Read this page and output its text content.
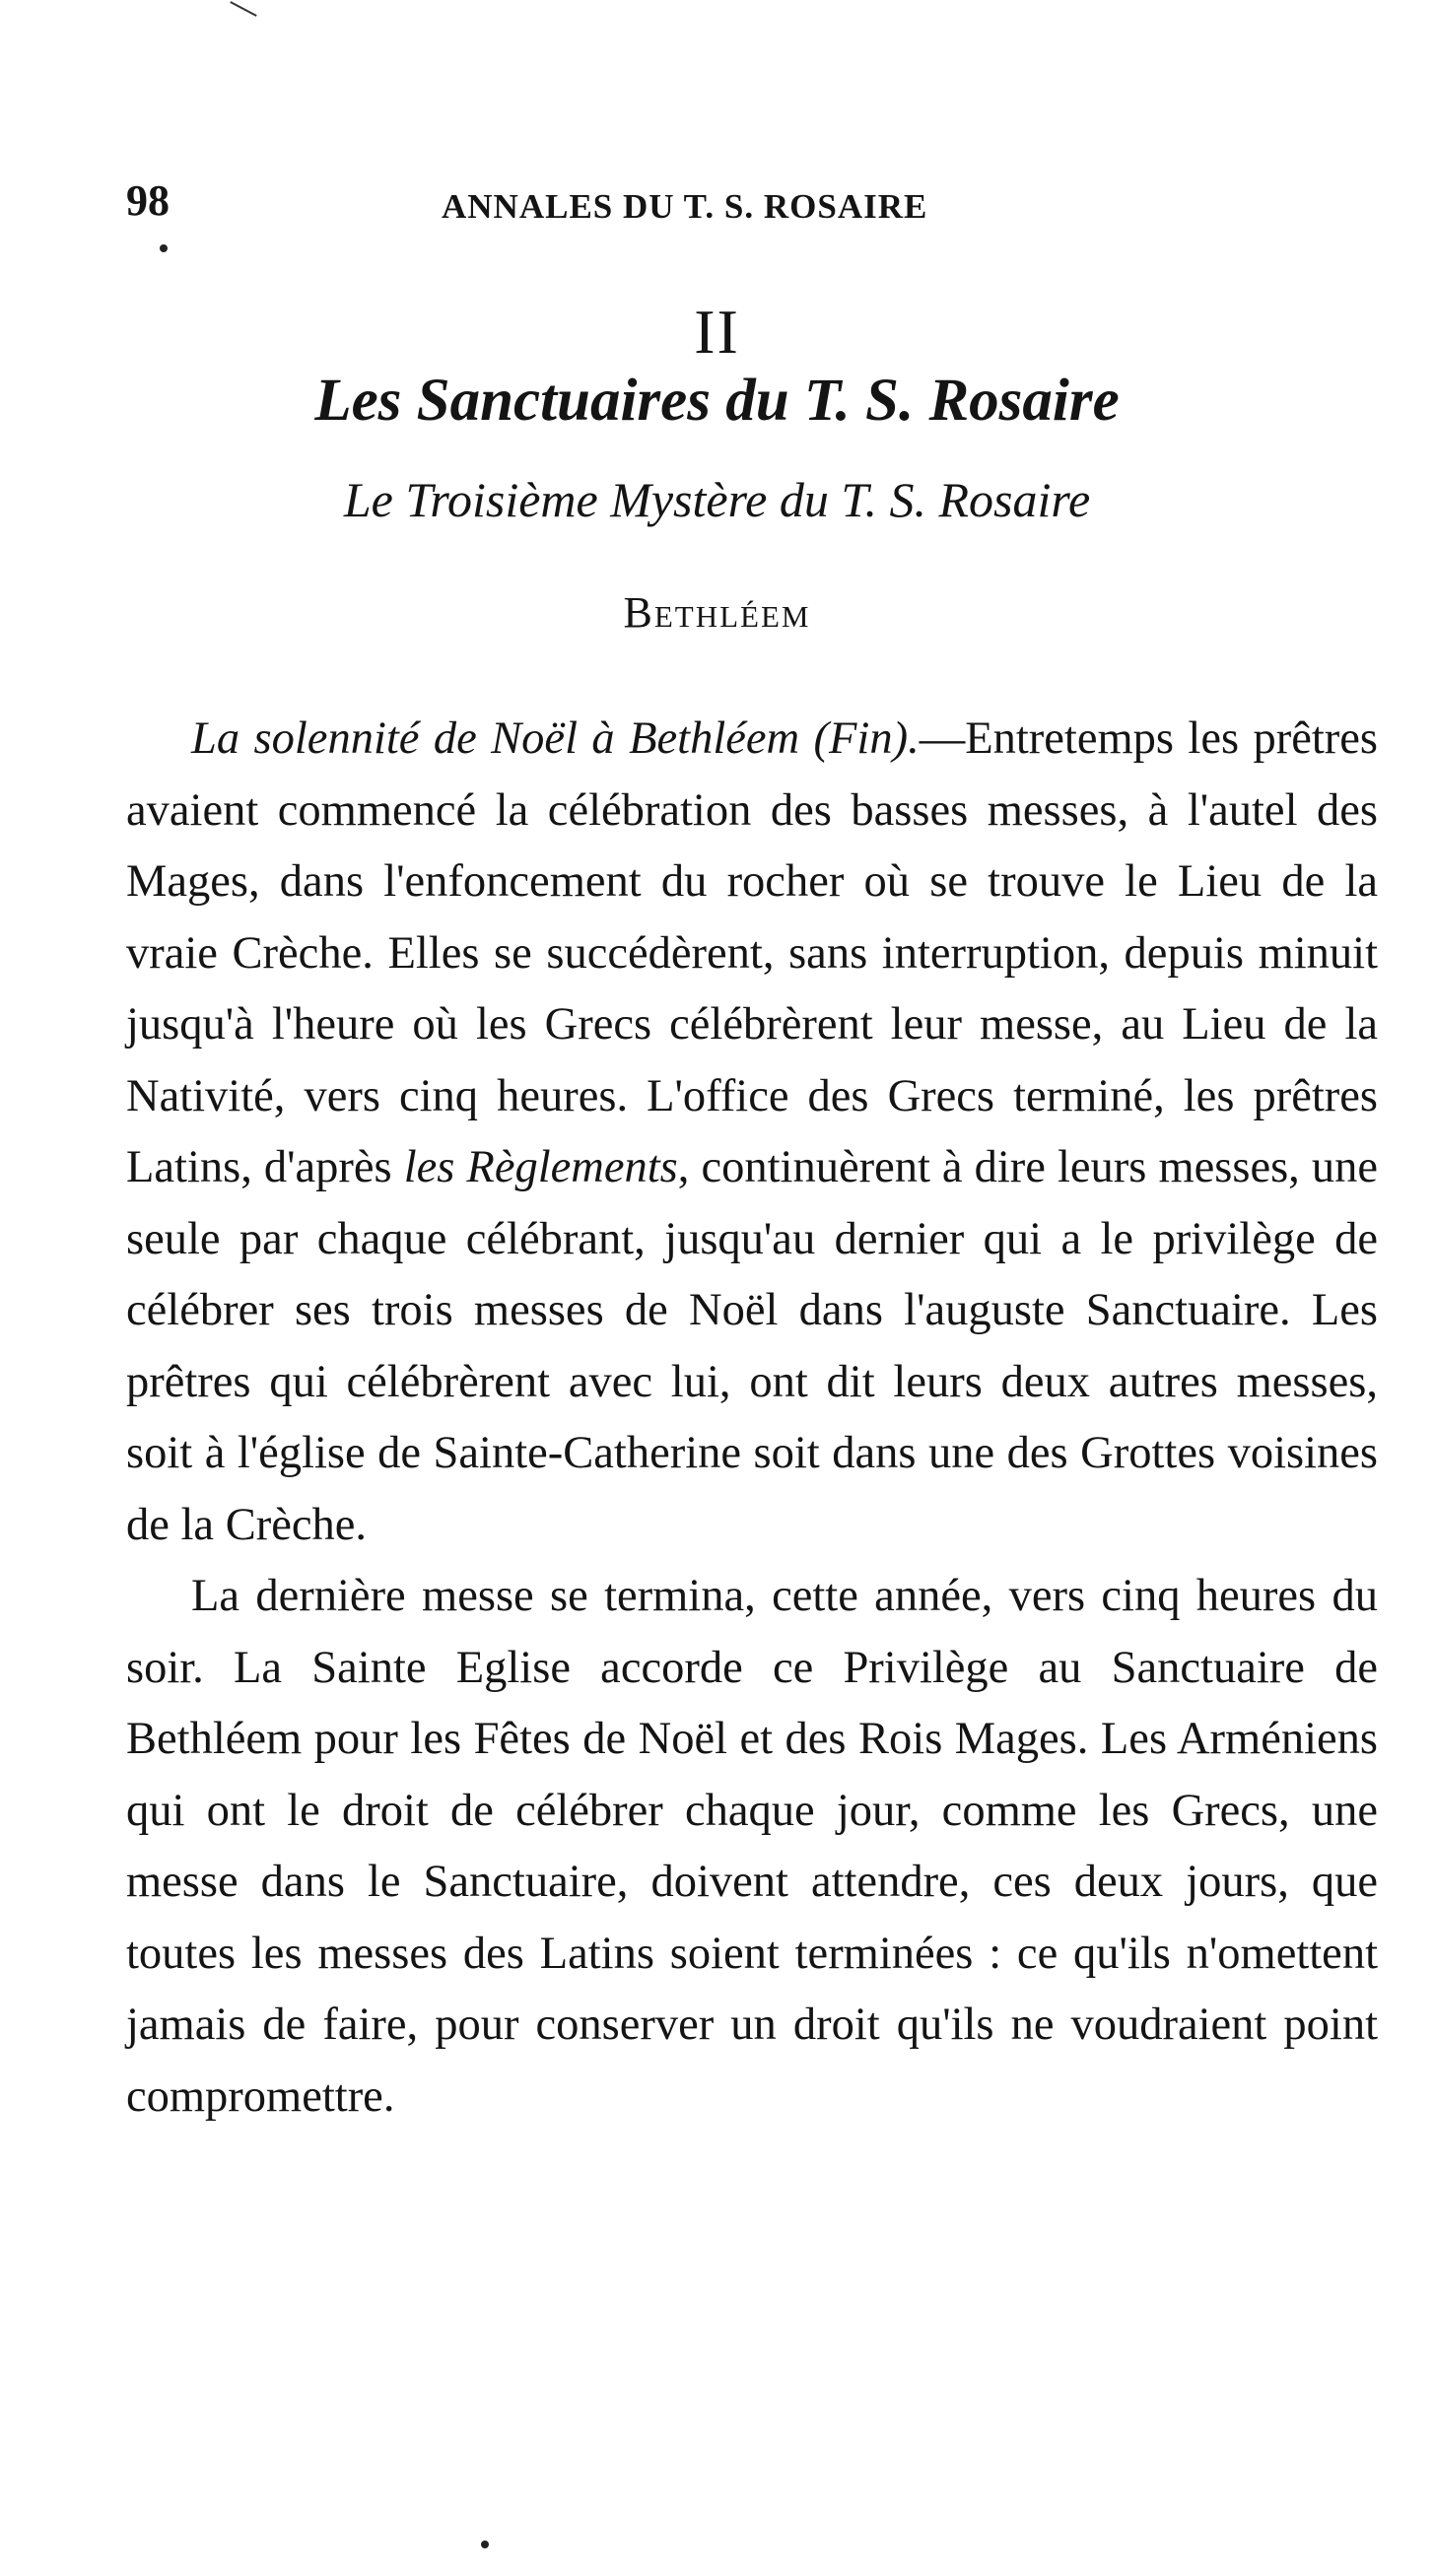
98	ANNALES DU T. S. ROSAIRE
II
Les Sanctuaires du T. S. Rosaire
Le Troisième Mystère du T. S. Rosaire
Bethléem

La solennité de Noël à Bethléem (Fin).—Entretemps les prêtres avaient commencé la célébration des basses messes, à l'autel des Mages, dans l'enfoncement du rocher où se trouve le Lieu de la vraie Crèche. Elles se succédèrent, sans interruption, depuis minuit jusqu'à l'heure où les Grecs célébrèrent leur messe, au Lieu de la Nativité, vers cinq heures. L'office des Grecs terminé, les prêtres Latins, d'après les Règlements, continuèrent à dire leurs messes, une seule par chaque célébrant, jusqu'au dernier qui a le privilège de célébrer ses trois messes de Noël dans l'auguste Sanctuaire. Les prêtres qui célébrèrent avec lui, ont dit leurs deux autres messes, soit à l'église de Sainte-Catherine soit dans une des Grottes voisines de la Crèche.

La dernière messe se termina, cette année, vers cinq heures du soir. La Sainte Eglise accorde ce Privilège au Sanctuaire de Bethléem pour les Fêtes de Noël et des Rois Mages. Les Arméniens qui ont le droit de célébrer chaque jour, comme les Grecs, une messe dans le Sanctuaire, doivent attendre, ces deux jours, que toutes les messes des Latins soient terminées : ce qu'ils n'omettent jamais de faire, pour conserver un droit qu'ils ne voudraient point compromettre.
